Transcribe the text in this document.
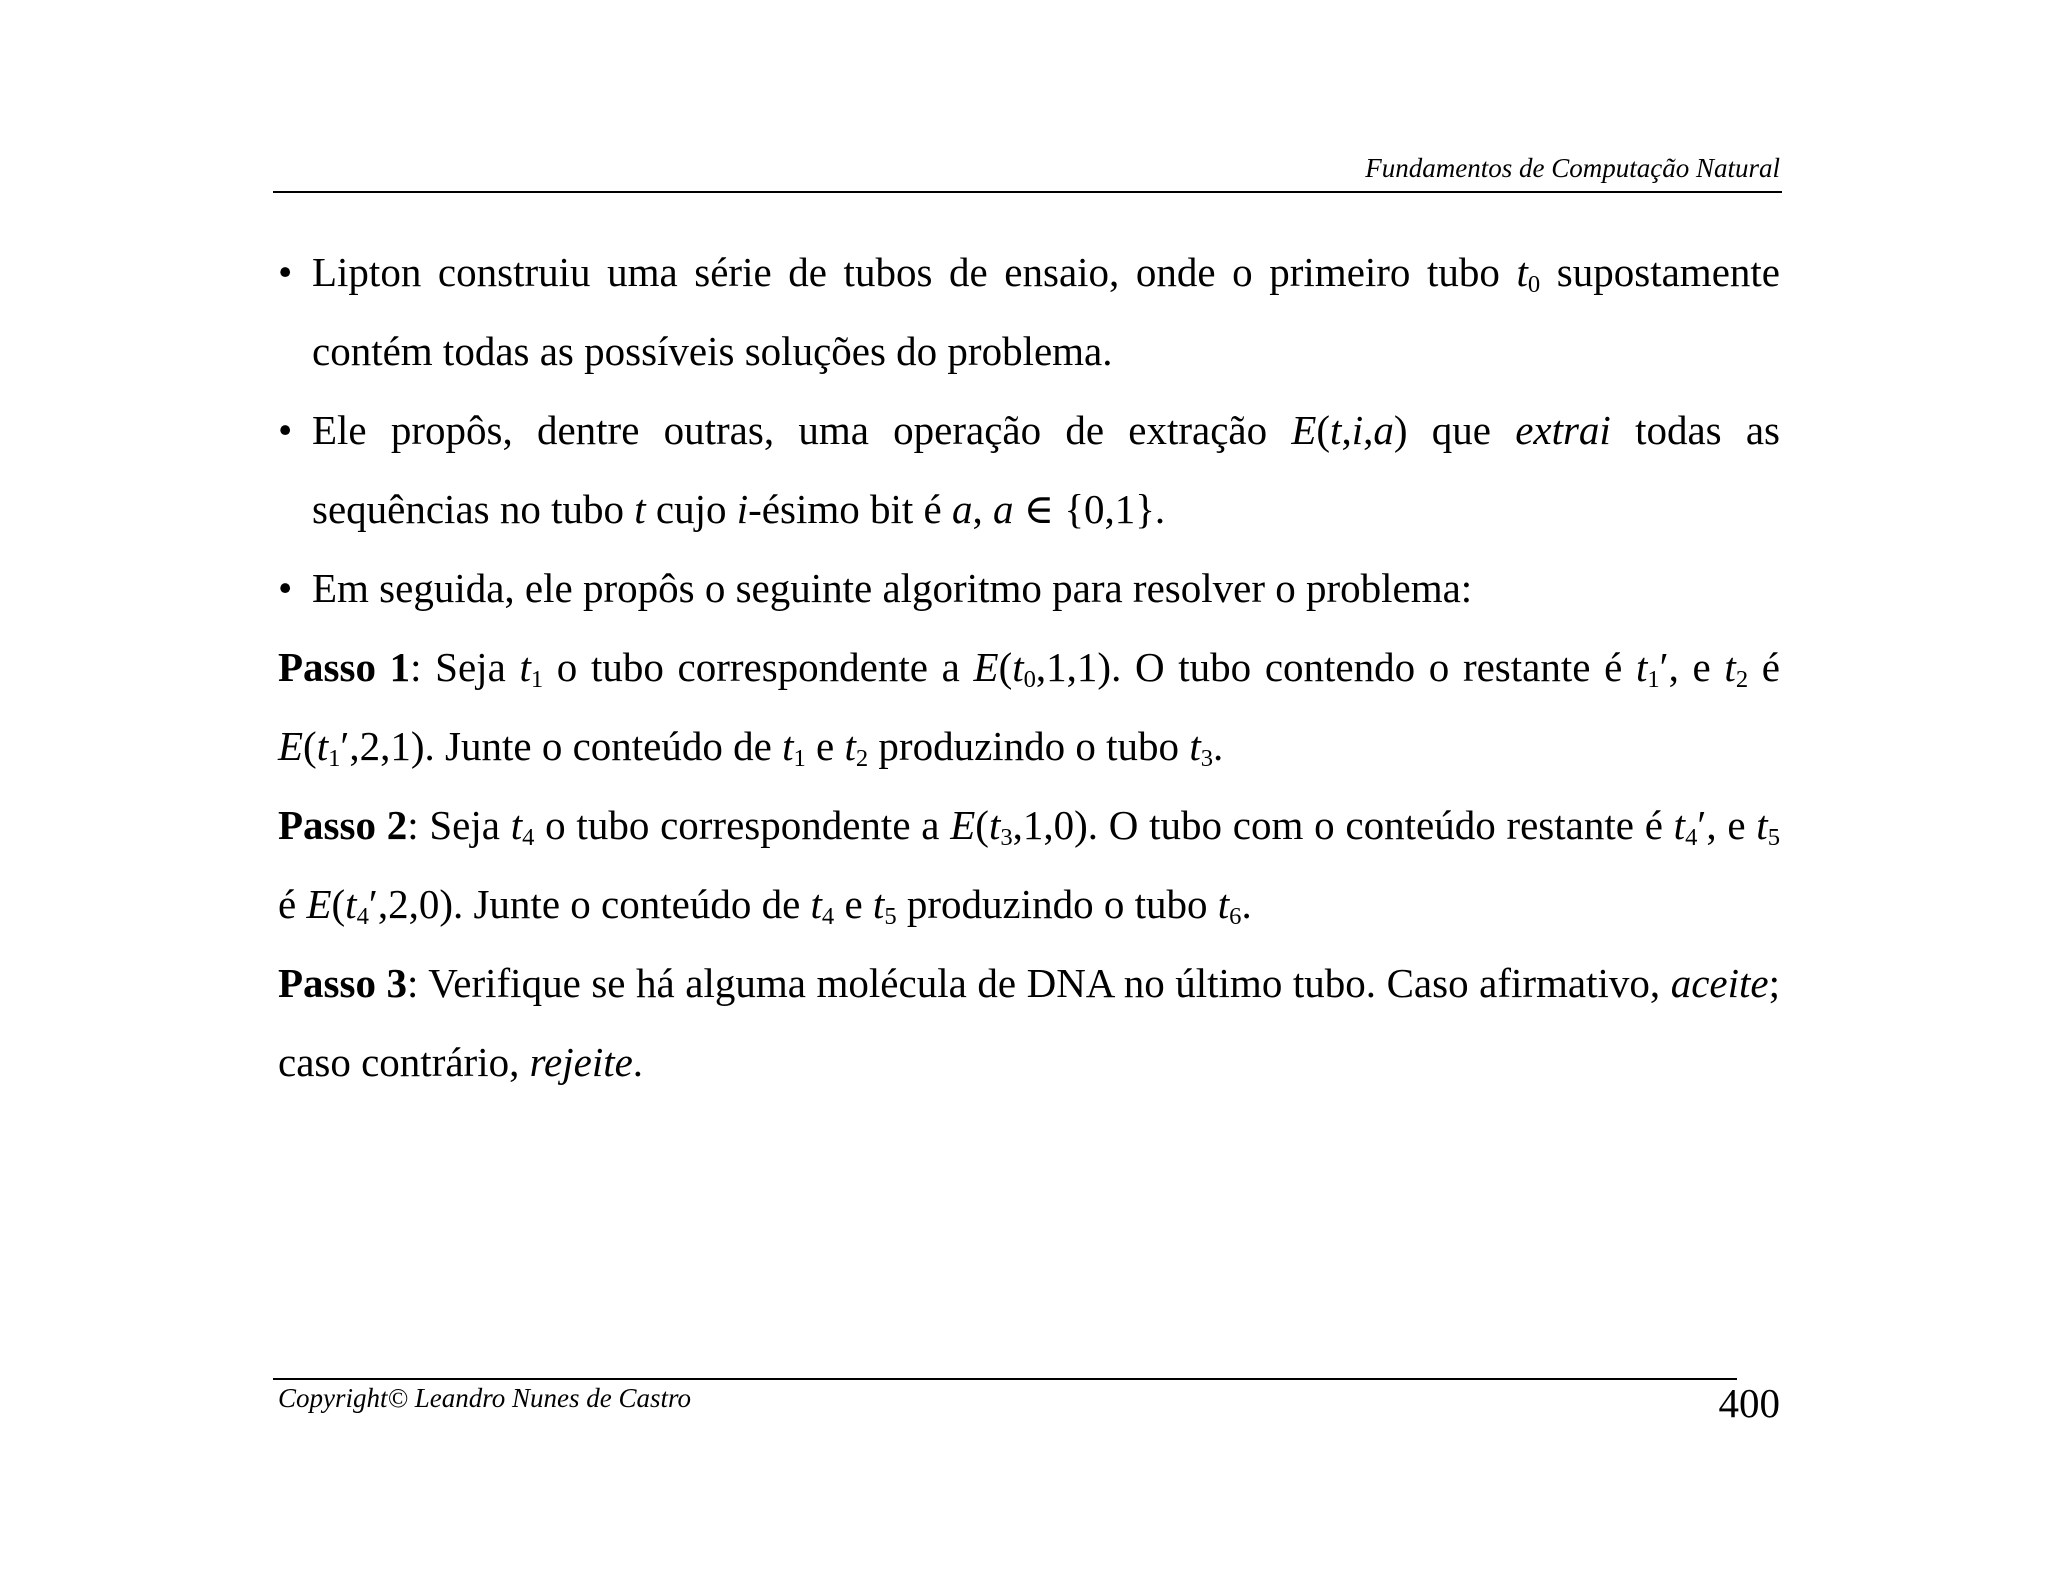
Fundamentos de Computação Natural

• Lipton construiu uma série de tubos de ensaio, onde o primeiro tubo $t_0$ supostamente contém todas as possíveis soluções do problema.

• Ele propôs, dentre outras, uma operação de extração E(t,i,a) que extrai todas as sequências no tubo t cujo i-ésimo bit é a, a ∈ {0,1}.

• Em seguida, ele propôs o seguinte algoritmo para resolver o problema:

Passo 1: Seja $t_1$ o tubo correspondente a $E(t_0,1,1)$. O tubo contendo o restante é $t_1'$, e $t_2$ é $E(t_1',2,1)$. Junte o conteúdo de $t_1$ e $t_2$ produzindo o tubo $t_3$.

Passo 2: Seja $t_4$ o tubo correspondente a $E(t_3,1,0)$. O tubo com o conteúdo restante é $t_4'$, e $t_5$ é $E(t_4',2,0)$. Junte o conteúdo de $t_4$ e $t_5$ produzindo o tubo $t_6$.

Passo 3: Verifique se há alguma molécula de DNA no último tubo. Caso afirmativo, aceite; caso contrário, rejeite.

Copyright© Leandro Nunes de Castro	400
